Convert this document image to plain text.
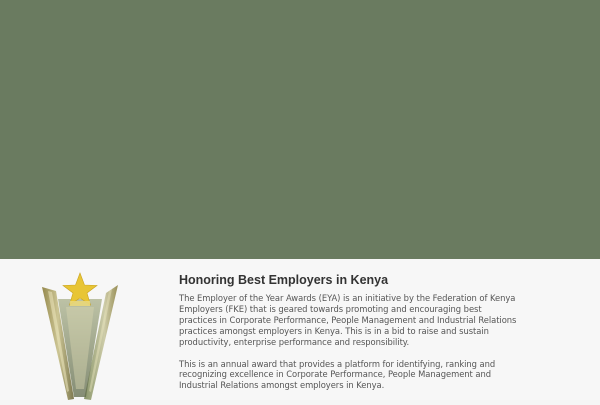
Honoring Best Employers in Kenya

The Employer of the Year Awards (EYA) is an initiative by the Federation of Kenya Employers (FKE) that is geared towards promoting and encouraging best practices in Corporate Performance, People Management and Industrial Relations practices amongst employers in Kenya. This is in a bid to raise and sustain productivity, enterprise performance and responsibility.

This is an annual award that provides a platform for identifying, ranking and recognizing excellence in Corporate Performance, People Management and Industrial Relations amongst employers in Kenya.
